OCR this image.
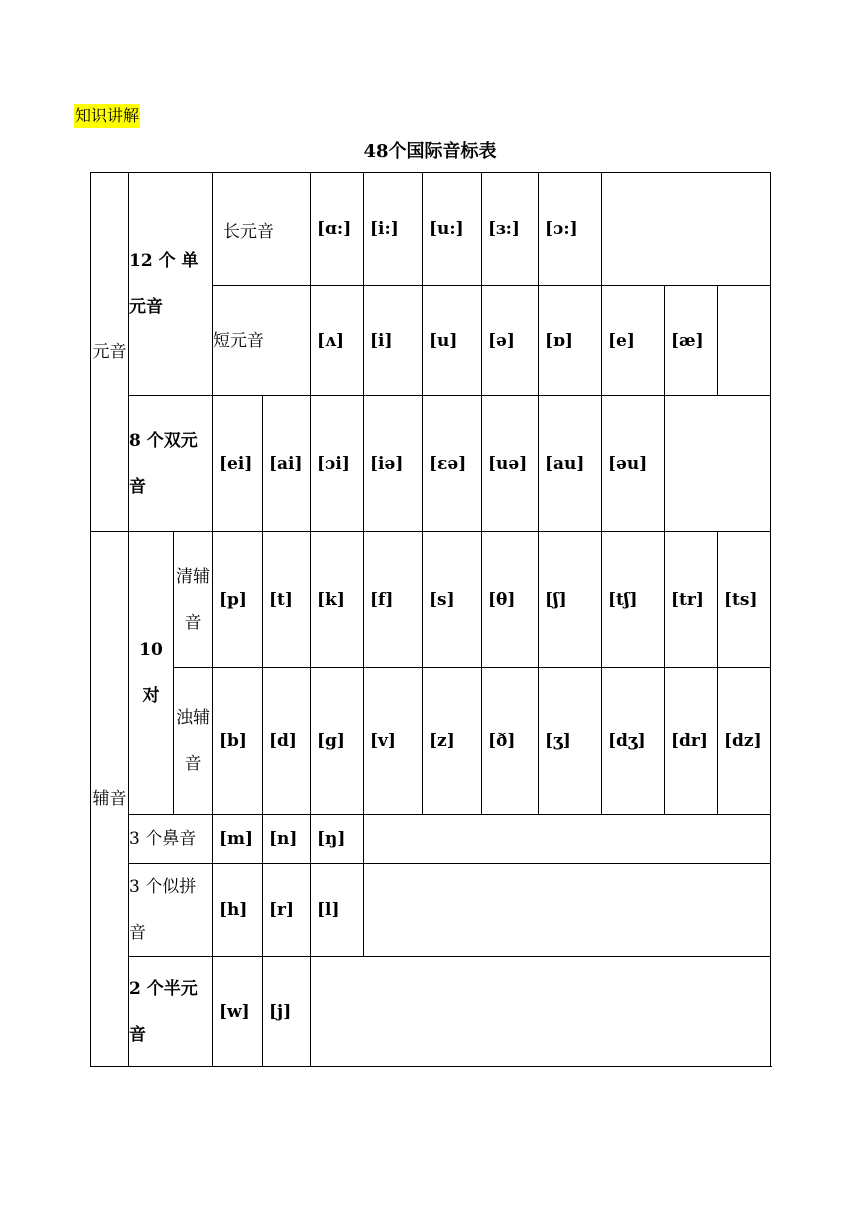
知识讲解
48个国际音标表
元音	12 个 单元音		长元音		[ɑ:]	[i:]	[u:]	[ɜ:]	[ɔ:]			
			短元音		[ʌ]	[i]	[u]	[ə]	[ɒ]	[e]	[æ]	
	8 个双元音		[ei]	[ai]	[ɔi]	[iə]	[ɛə]	[uə]	[au]	[əu]		
辅音	10 对	清辅音	[p]	[t]	[k]	[f]	[s]	[θ]	[ʃ]	[tʃ]	[tr]	[ts]
		浊辅音	[b]	[d]	[g]	[v]	[z]	[ð]	[ʒ]	[dʒ]	[dr]	[dz]
	3 个鼻音		[m]	[n]	[ŋ]							
	3 个似拼音		[h]	[r]	[l]							
	2 个半元音		[w]	[j]								
